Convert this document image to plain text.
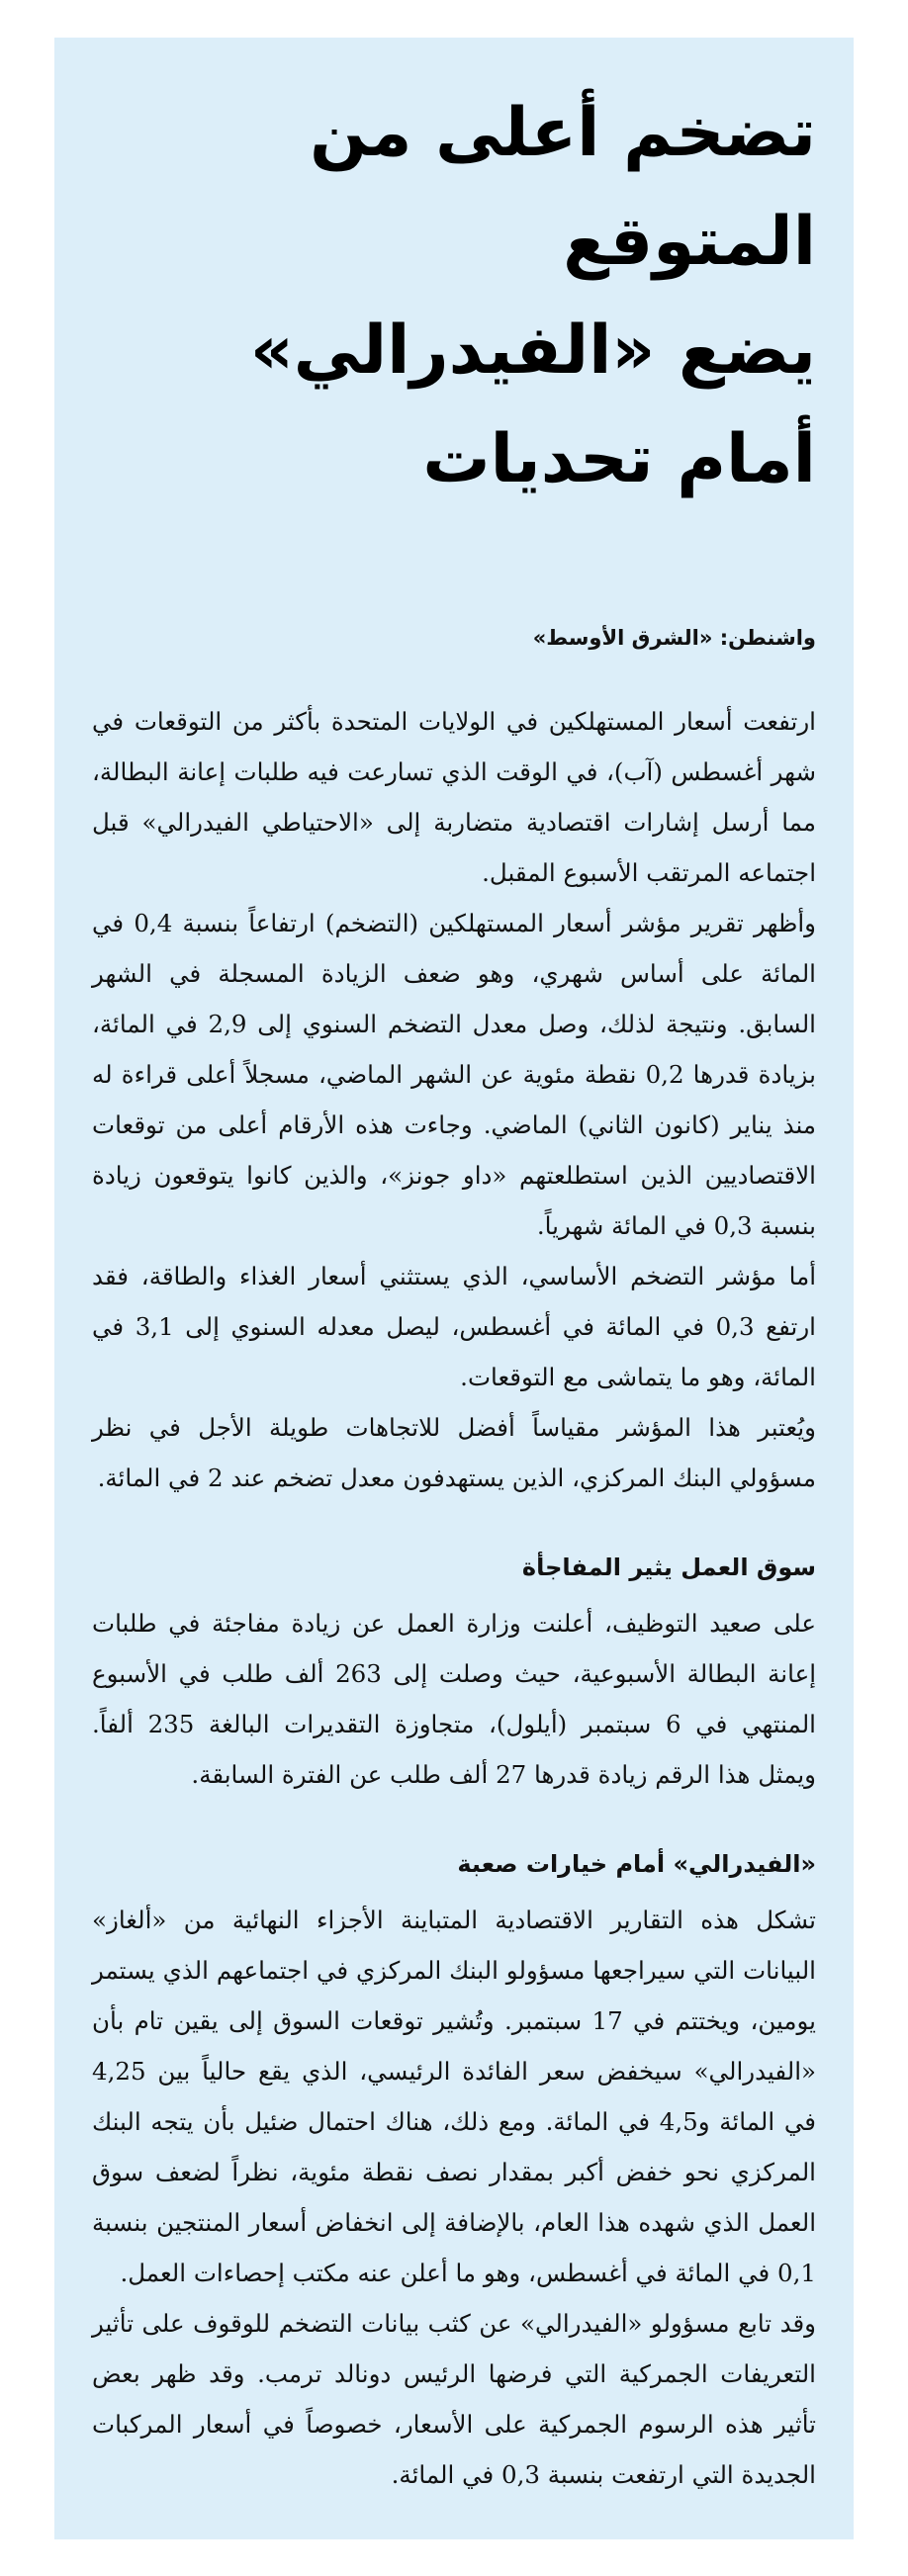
تضخم أعلى من المتوقع
يضع «الفيدرالي» أمام تحديات
واشنطن: «الشرق الأوسط»

ارتفعت أسعار المستهلكين في الولايات المتحدة بأكثر من التوقعات في شهر أغسطس (آب)، في الوقت الذي تسارعت فيه طلبات إعانة البطالة، مما أرسل إشارات اقتصادية متضاربة إلى «الاحتياطي الفيدرالي» قبل اجتماعه المرتقب الأسبوع المقبل.

وأظهر تقرير مؤشر أسعار المستهلكين (التضخم) ارتفاعاً بنسبة 0,4 في المائة على أساس شهري، وهو ضعف الزيادة المسجلة في الشهر السابق. ونتيجة لذلك، وصل معدل التضخم السنوي إلى 2,9 في المائة، بزيادة قدرها 0,2 نقطة مئوية عن الشهر الماضي، مسجلاً أعلى قراءة له منذ يناير (كانون الثاني) الماضي. وجاءت هذه الأرقام أعلى من توقعات الاقتصاديين الذين استطلعتهم «داو جونز»، والذين كانوا يتوقعون زيادة بنسبة 0,3 في المائة شهرياً.

أما مؤشر التضخم الأساسي، الذي يستثني أسعار الغذاء والطاقة، فقد ارتفع 0,3 في المائة في أغسطس، ليصل معدله السنوي إلى 3,1 في المائة، وهو ما يتماشى مع التوقعات.

ويُعتبر هذا المؤشر مقياساً أفضل للاتجاهات طويلة الأجل في نظر مسؤولي البنك المركزي، الذين يستهدفون معدل تضخم عند 2 في المائة.

سوق العمل يثير المفاجأة

على صعيد التوظيف، أعلنت وزارة العمل عن زيادة مفاجئة في طلبات إعانة البطالة الأسبوعية، حيث وصلت إلى 263 ألف طلب في الأسبوع المنتهي في 6 سبتمبر (أيلول)، متجاوزة التقديرات البالغة 235 ألفاً. ويمثل هذا الرقم زيادة قدرها 27 ألف طلب عن الفترة السابقة.

«الفيدرالي» أمام خيارات صعبة

تشكل هذه التقارير الاقتصادية المتباينة الأجزاء النهائية من «ألغاز» البيانات التي سيراجعها مسؤولو البنك المركزي في اجتماعهم الذي يستمر يومين، ويختتم في 17 سبتمبر. وتُشير توقعات السوق إلى يقين تام بأن «الفيدرالي» سيخفض سعر الفائدة الرئيسي، الذي يقع حالياً بين 4,25 في المائة و4,5 في المائة. ومع ذلك، هناك احتمال ضئيل بأن يتجه البنك المركزي نحو خفض أكبر بمقدار نصف نقطة مئوية، نظراً لضعف سوق العمل الذي شهده هذا العام، بالإضافة إلى انخفاض أسعار المنتجين بنسبة 0,1 في المائة في أغسطس، وهو ما أعلن عنه مكتب إحصاءات العمل.

وقد تابع مسؤولو «الفيدرالي» عن كثب بيانات التضخم للوقوف على تأثير التعريفات الجمركية التي فرضها الرئيس دونالد ترمب. وقد ظهر بعض تأثير هذه الرسوم الجمركية على الأسعار، خصوصاً في أسعار المركبات الجديدة التي ارتفعت بنسبة 0,3 في المائة.
